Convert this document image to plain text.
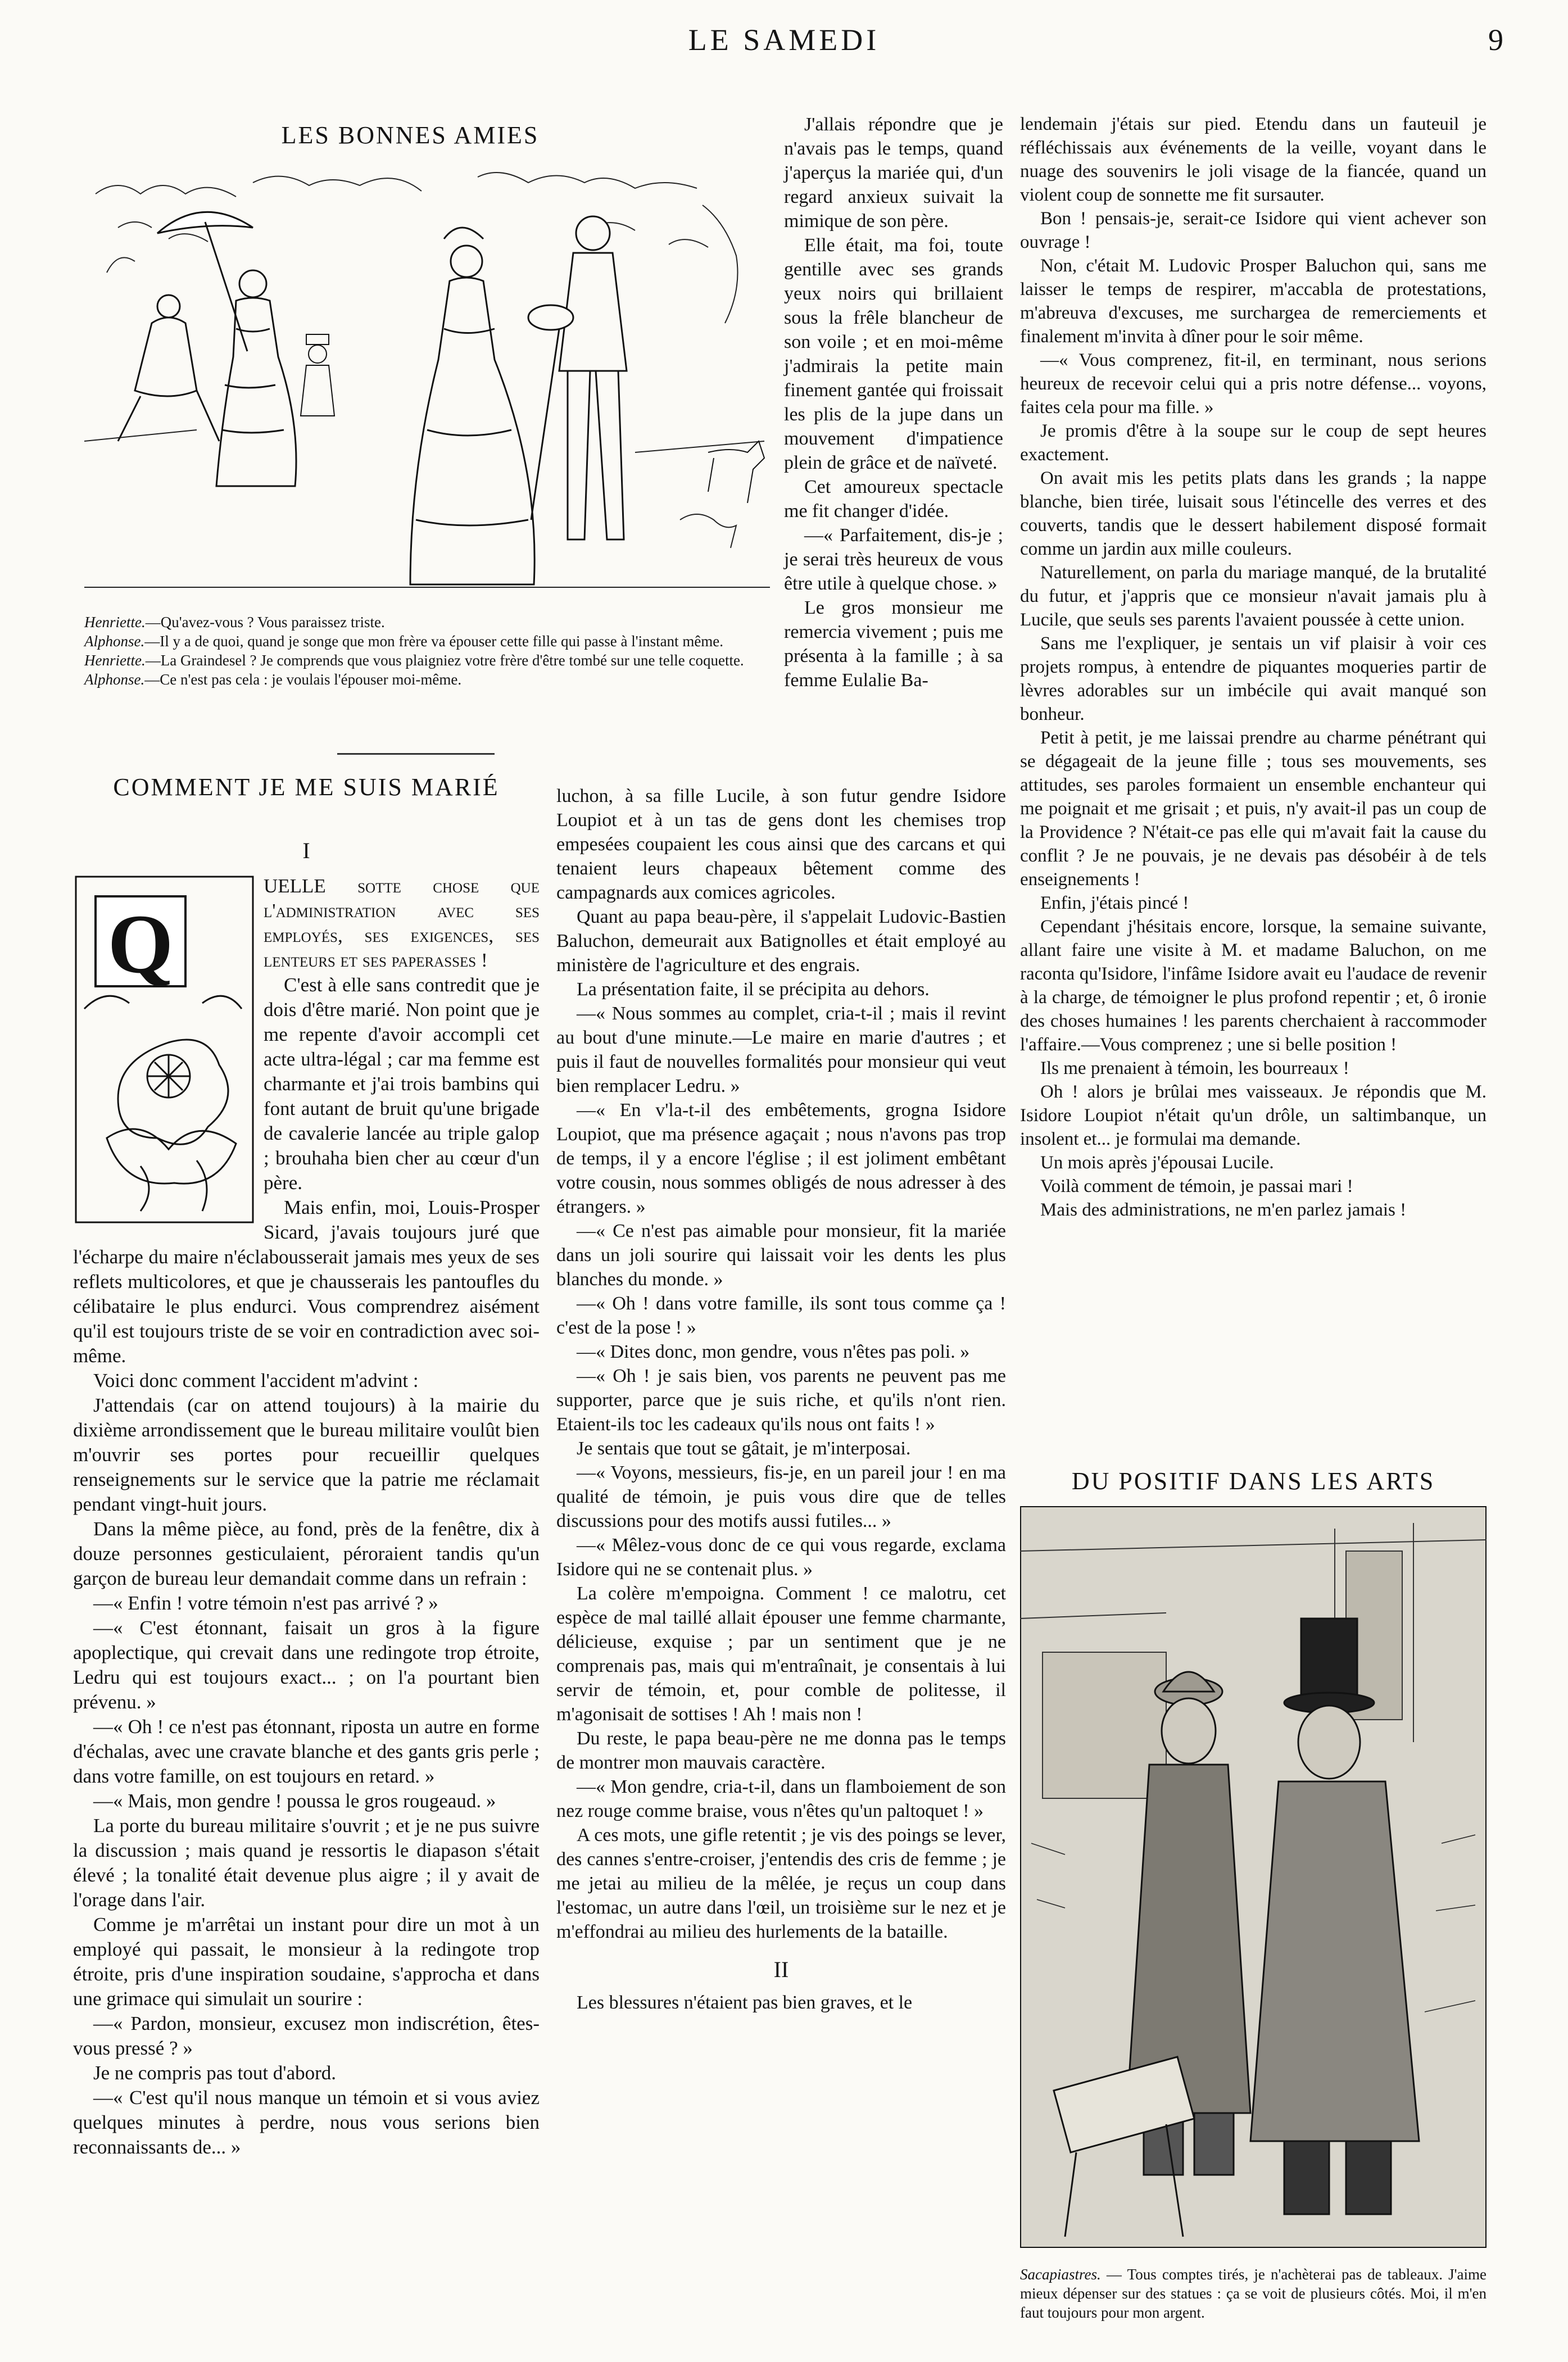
LE SAMEDI	9
LES BONNES AMIES

Henriette.—Qu'avez-vous ? Vous paraissez triste.

Alphonse.—Il y a de quoi, quand je songe que mon frère va épouser cette fille qui passe à l'instant même.

Henriette.—La Graindesel ? Je comprends que vous plaigniez votre frère d'être tombé sur une telle coquette.

Alphonse.—Ce n'est pas cela : je voulais l'épouser moi-même.

COMMENT JE ME SUIS MARIÉ
I
Q

UELLE sotte chose que l'administration avec ses employés, ses exigences, ses lenteurs et ses paperasses !

C'est à elle sans contredit que je dois d'être marié. Non point que je me repente d'avoir accompli cet acte ultra-légal ; car ma femme est charmante et j'ai trois bambins qui font autant de bruit qu'une brigade de cavalerie lancée au triple galop ; brouhaha bien cher au cœur d'un père.

Mais enfin, moi, Louis-Prosper Sicard, j'avais toujours juré que l'écharpe du maire n'éclabousserait jamais mes yeux de ses reflets multicolores, et que je chausserais les pantoufles du célibataire le plus endurci. Vous comprendrez aisément qu'il est toujours triste de se voir en contradiction avec soi-même.

Voici donc comment l'accident m'advint :

J'attendais (car on attend toujours) à la mairie du dixième arrondissement que le bureau militaire voulût bien m'ouvrir ses portes pour recueillir quelques renseignements sur le service que la patrie me réclamait pendant vingt-huit jours.

Dans la même pièce, au fond, près de la fenêtre, dix à douze personnes gesticulaient, péroraient tandis qu'un garçon de bureau leur demandait comme dans un refrain :

—« Enfin ! votre témoin n'est pas arrivé ? »

—« C'est étonnant, faisait un gros à la figure apoplectique, qui crevait dans une redingote trop étroite, Ledru qui est toujours exact... ; on l'a pourtant bien prévenu. »

—« Oh ! ce n'est pas étonnant, riposta un autre en forme d'échalas, avec une cravate blanche et des gants gris perle ; dans votre famille, on est toujours en retard. »

—« Mais, mon gendre ! poussa le gros rougeaud. »

La porte du bureau militaire s'ouvrit ; et je ne pus suivre la discussion ; mais quand je ressortis le diapason s'était élevé ; la tonalité était devenue plus aigre ; il y avait de l'orage dans l'air.

Comme je m'arrêtai un instant pour dire un mot à un employé qui passait, le monsieur à la redingote trop étroite, pris d'une inspiration soudaine, s'approcha et dans une grimace qui simulait un sourire :

—« Pardon, monsieur, excusez mon indiscrétion, êtes-vous pressé ? »

Je ne compris pas tout d'abord.

—« C'est qu'il nous manque un témoin et si vous aviez quelques minutes à perdre, nous vous serions bien reconnaissants de... »

J'allais répondre que je n'avais pas le temps, quand j'aperçus la mariée qui, d'un regard anxieux suivait la mimique de son père.

Elle était, ma foi, toute gentille avec ses grands yeux noirs qui brillaient sous la frêle blancheur de son voile ; et en moi-même j'admirais la petite main finement gantée qui froissait les plis de la jupe dans un mouvement d'impatience plein de grâce et de naïveté.

Cet amoureux spectacle me fit changer d'idée.

—« Parfaitement, dis-je ; je serai très heureux de vous être utile à quelque chose. »

Le gros monsieur me remercia vivement ; puis me présenta à la famille ; à sa femme Eulalie Ba-

luchon, à sa fille Lucile, à son futur gendre Isidore Loupiot et à un tas de gens dont les chemises trop empesées coupaient les cous ainsi que des carcans et qui tenaient leurs chapeaux bêtement comme des campagnards aux comices agricoles.

Quant au papa beau-père, il s'appelait Ludovic-Bastien Baluchon, demeurait aux Batignolles et était employé au ministère de l'agriculture et des engrais.

La présentation faite, il se précipita au dehors.

—« Nous sommes au complet, cria-t-il ; mais il revint au bout d'une minute.—Le maire en marie d'autres ; et puis il faut de nouvelles formalités pour monsieur qui veut bien remplacer Ledru. »

—« En v'la-t-il des embêtements, grogna Isidore Loupiot, que ma présence agaçait ; nous n'avons pas trop de temps, il y a encore l'église ; il est joliment embêtant votre cousin, nous sommes obligés de nous adresser à des étrangers. »

—« Ce n'est pas aimable pour monsieur, fit la mariée dans un joli sourire qui laissait voir les dents les plus blanches du monde. »

—« Oh ! dans votre famille, ils sont tous comme ça ! c'est de la pose ! »

—« Dites donc, mon gendre, vous n'êtes pas poli. »

—« Oh ! je sais bien, vos parents ne peuvent pas me supporter, parce que je suis riche, et qu'ils n'ont rien. Etaient-ils toc les cadeaux qu'ils nous ont faits ! »

Je sentais que tout se gâtait, je m'interposai.

—« Voyons, messieurs, fis-je, en un pareil jour ! en ma qualité de témoin, je puis vous dire que de telles discussions pour des motifs aussi futiles... »

—« Mêlez-vous donc de ce qui vous regarde, exclama Isidore qui ne se contenait plus. »

La colère m'empoigna. Comment ! ce malotru, cet espèce de mal taillé allait épouser une femme charmante, délicieuse, exquise ; par un sentiment que je ne comprenais pas, mais qui m'entraînait, je consentais à lui servir de témoin, et, pour comble de politesse, il m'agonisait de sottises ! Ah ! mais non !

Du reste, le papa beau-père ne me donna pas le temps de montrer mon mauvais caractère.

—« Mon gendre, cria-t-il, dans un flamboiement de son nez rouge comme braise, vous n'êtes qu'un paltoquet ! »

A ces mots, une gifle retentit ; je vis des poings se lever, des cannes s'entre-croiser, j'entendis des cris de femme ; je me jetai au milieu de la mêlée, je reçus un coup dans l'estomac, un autre dans l'œil, un troisième sur le nez et je m'effondrai au milieu des hurlements de la bataille.

II

Les blessures n'étaient pas bien graves, et le

lendemain j'étais sur pied. Etendu dans un fauteuil je réfléchissais aux événements de la veille, voyant dans le nuage des souvenirs le joli visage de la fiancée, quand un violent coup de sonnette me fit sursauter.

Bon ! pensais-je, serait-ce Isidore qui vient achever son ouvrage !

Non, c'était M. Ludovic Prosper Baluchon qui, sans me laisser le temps de respirer, m'accabla de protestations, m'abreuva d'excuses, me surchargea de remerciements et finalement m'invita à dîner pour le soir même.

—« Vous comprenez, fit-il, en terminant, nous serions heureux de recevoir celui qui a pris notre défense... voyons, faites cela pour ma fille. »

Je promis d'être à la soupe sur le coup de sept heures exactement.

On avait mis les petits plats dans les grands ; la nappe blanche, bien tirée, luisait sous l'étincelle des verres et des couverts, tandis que le dessert habilement disposé formait comme un jardin aux mille couleurs.

Naturellement, on parla du mariage manqué, de la brutalité du futur, et j'appris que ce monsieur n'avait jamais plu à Lucile, que seuls ses parents l'avaient poussée à cette union.

Sans me l'expliquer, je sentais un vif plaisir à voir ces projets rompus, à entendre de piquantes moqueries partir de lèvres adorables sur un imbécile qui avait manqué son bonheur.

Petit à petit, je me laissai prendre au charme pénétrant qui se dégageait de la jeune fille ; tous ses mouvements, ses attitudes, ses paroles formaient un ensemble enchanteur qui me poignait et me grisait ; et puis, n'y avait-il pas un coup de la Providence ? N'était-ce pas elle qui m'avait fait la cause du conflit ? Je ne pouvais, je ne devais pas désobéir à de tels enseignements !

Enfin, j'étais pincé !

Cependant j'hésitais encore, lorsque, la semaine suivante, allant faire une visite à M. et madame Baluchon, on me raconta qu'Isidore, l'infâme Isidore avait eu l'audace de revenir à la charge, de témoigner le plus profond repentir ; et, ô ironie des choses humaines ! les parents cherchaient à raccommoder l'affaire.—Vous comprenez ; une si belle position !

Ils me prenaient à témoin, les bourreaux !

Oh ! alors je brûlai mes vaisseaux. Je répondis que M. Isidore Loupiot n'était qu'un drôle, un saltimbanque, un insolent et... je formulai ma demande.

Un mois après j'épousai Lucile.

Voilà comment de témoin, je passai mari !

Mais des administrations, ne m'en parlez jamais !

DU POSITIF DANS LES ARTS

Sacapiastres. — Tous comptes tirés, je n'achèterai pas de tableaux. J'aime mieux dépenser sur des statues : ça se voit de plusieurs côtés. Moi, il m'en faut toujours pour mon argent.
